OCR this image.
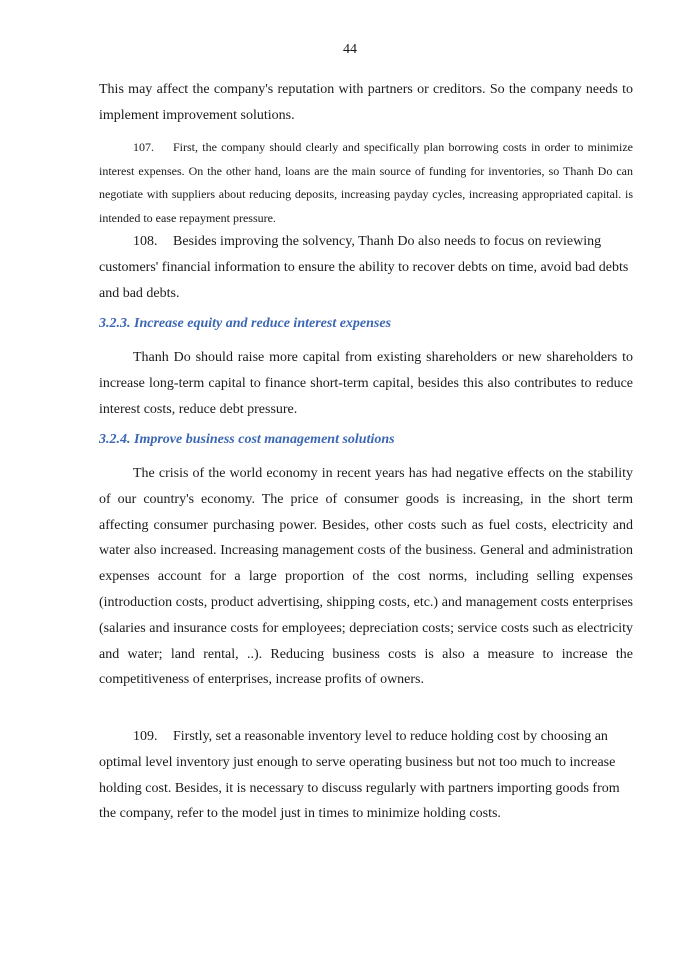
44

This may affect the company's reputation with partners or creditors. So the company needs to implement improvement solutions.

107. First, the company should clearly and specifically plan borrowing costs in order to minimize interest expenses. On the other hand, loans are the main source of funding for inventories, so Thanh Do can negotiate with suppliers about reducing deposits, increasing payday cycles, increasing appropriated capital. is intended to ease repayment pressure.

108. Besides improving the solvency, Thanh Do also needs to focus on reviewing customers' financial information to ensure the ability to recover debts on time, avoid bad debts and bad debts.

3.2.3. Increase equity and reduce interest expenses

Thanh Do should raise more capital from existing shareholders or new shareholders to increase long-term capital to finance short-term capital, besides this also contributes to reduce interest costs, reduce debt pressure.

3.2.4. Improve business cost management solutions

The crisis of the world economy in recent years has had negative effects on the stability of our country's economy. The price of consumer goods is increasing, in the short term affecting consumer purchasing power. Besides, other costs such as fuel costs, electricity and water also increased. Increasing management costs of the business. General and administration expenses account for a large proportion of the cost norms, including selling expenses (introduction costs, product advertising, shipping costs, etc.) and management costs enterprises (salaries and insurance costs for employees; depreciation costs; service costs such as electricity and water; land rental, ..). Reducing business costs is also a measure to increase the competitiveness of enterprises, increase profits of owners.

109. Firstly, set a reasonable inventory level to reduce holding cost by choosing an optimal level inventory just enough to serve operating business but not too much to increase holding cost. Besides, it is necessary to discuss regularly with partners importing goods from the company, refer to the model just in times to minimize holding costs.
